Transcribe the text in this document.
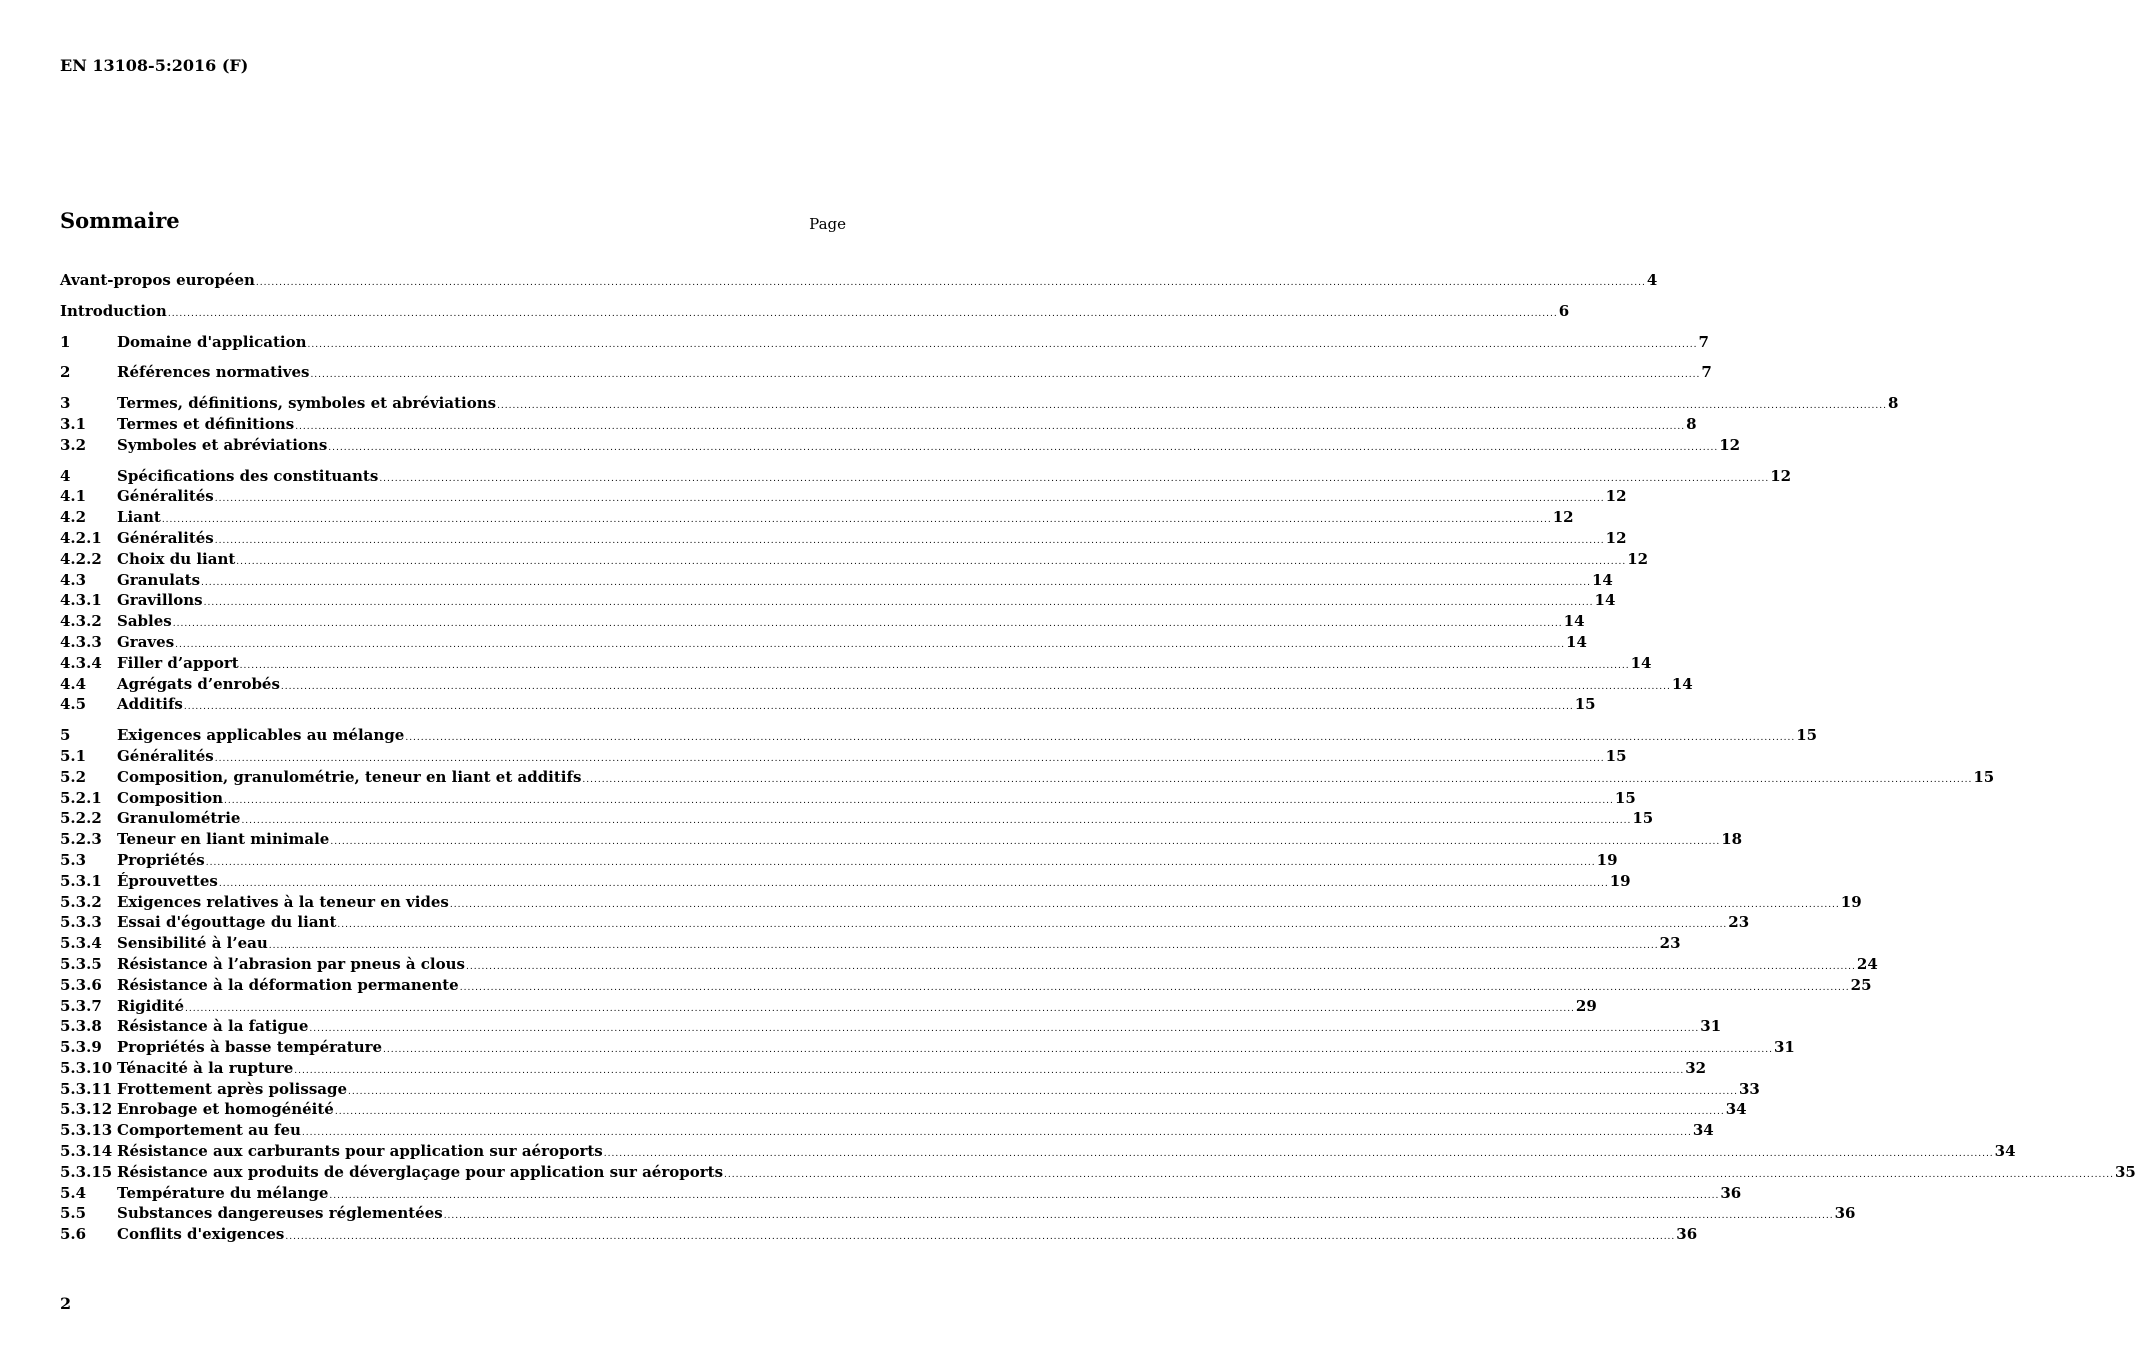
EN 13108-5:2016 (F)
Sommaire	Page
Avant-propos européen .....	4
Introduction .....	6
1	Domaine d'application .....	7
2	Références normatives .....	7
3	Termes, définitions, symboles et abréviations .....	8
3.1	Termes et définitions .....	8
3.2	Symboles et abréviations .....	12
4	Spécifications des constituants .....	12
4.1	Généralités .....	12
4.2	Liant .....	12
4.2.1	Généralités .....	12
4.2.2	Choix du liant .....	12
4.3	Granulats .....	14
4.3.1	Gravillons .....	14
4.3.2	Sables .....	14
4.3.3	Graves .....	14
4.3.4	Filler d’apport .....	14
4.4	Agrégats d’enrobés .....	14
4.5	Additifs .....	15
5	Exigences applicables au mélange .....	15
5.1	Généralités .....	15
5.2	Composition, granulométrie, teneur en liant et additifs .....	15
5.2.1	Composition .....	15
5.2.2	Granulométrie .....	15
5.2.3	Teneur en liant minimale .....	18
5.3	Propriétés .....	19
5.3.1	Éprouvettes .....	19
5.3.2	Exigences relatives à la teneur en vides .....	19
5.3.3	Essai d'égouttage du liant .....	23
5.3.4	Sensibilité à l’eau .....	23
5.3.5	Résistance à l’abrasion par pneus à clous .....	24
5.3.6	Résistance à la déformation permanente .....	25
5.3.7	Rigidité .....	29
5.3.8	Résistance à la fatigue .....	31
5.3.9	Propriétés à basse température .....	31
5.3.10 Ténacité à la rupture .....	32
5.3.11 Frottement après polissage .....	33
5.3.12 Enrobage et homogénéité .....	34
5.3.13 Comportement au feu .....	34
5.3.14 Résistance aux carburants pour application sur aéroports .....	34
5.3.15 Résistance aux produits de déverglaçage pour application sur aéroports .....	35
5.4	Température du mélange .....	36
5.5	Substances dangereuses réglementées .....	36
5.6	Conflits d'exigences .....	36
2
